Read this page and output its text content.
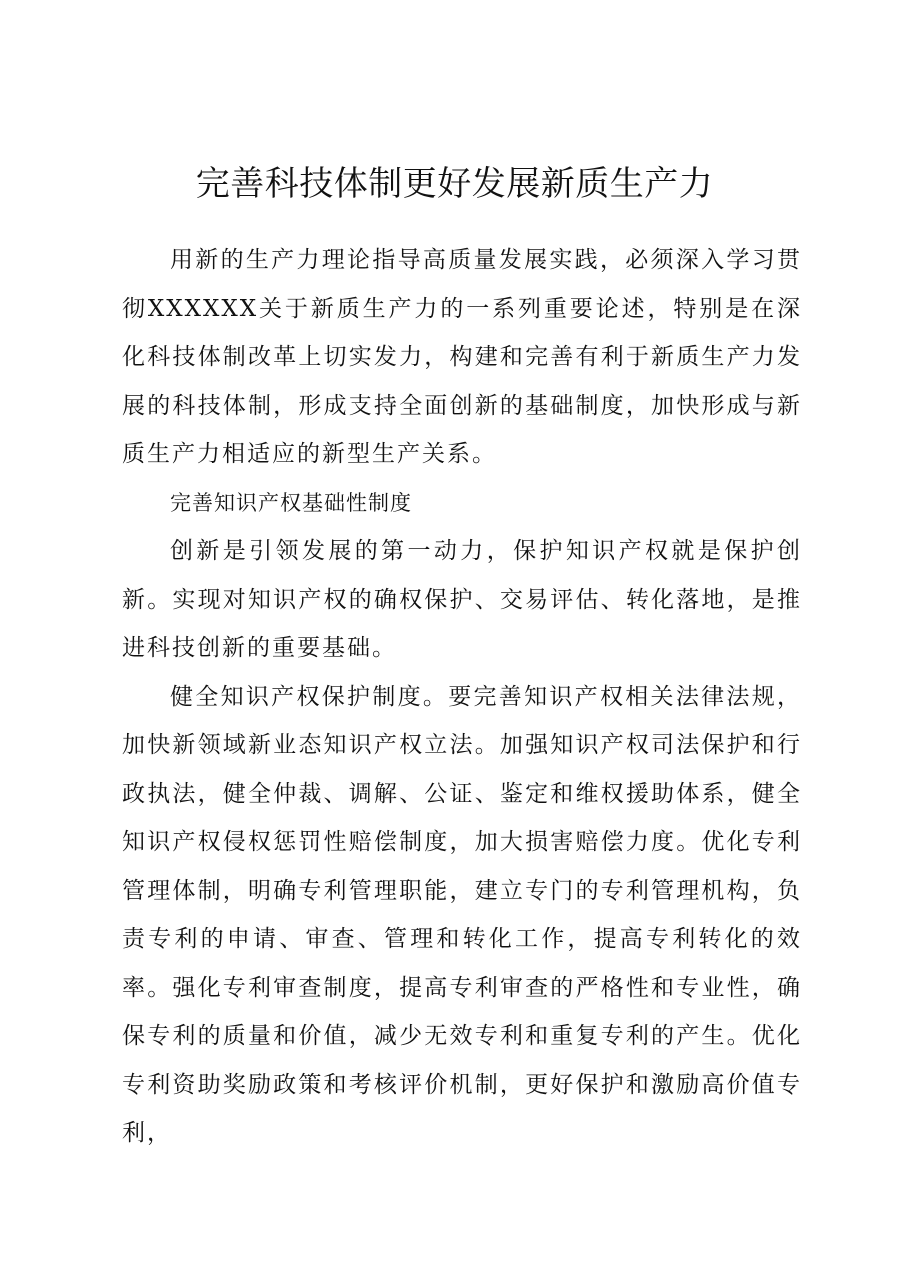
完善科技体制更好发展新质生产力

用新的生产力理论指导高质量发展实践，必须深入学习贯彻XXXXXX关于新质生产力的一系列重要论述，特别是在深化科技体制改革上切实发力，构建和完善有利于新质生产力发展的科技体制，形成支持全面创新的基础制度，加快形成与新质生产力相适应的新型生产关系。

完善知识产权基础性制度

创新是引领发展的第一动力，保护知识产权就是保护创新。实现对知识产权的确权保护、交易评估、转化落地，是推进科技创新的重要基础。

健全知识产权保护制度。要完善知识产权相关法律法规，加快新领域新业态知识产权立法。加强知识产权司法保护和行政执法，健全仲裁、调解、公证、鉴定和维权援助体系，健全知识产权侵权惩罚性赔偿制度，加大损害赔偿力度。优化专利管理体制，明确专利管理职能，建立专门的专利管理机构，负责专利的申请、审查、管理和转化工作，提高专利转化的效率。强化专利审查制度，提高专利审查的严格性和专业性，确保专利的质量和价值，减少无效专利和重复专利的产生。优化专利资助奖励政策和考核评价机制，更好保护和激励高价值专利，
